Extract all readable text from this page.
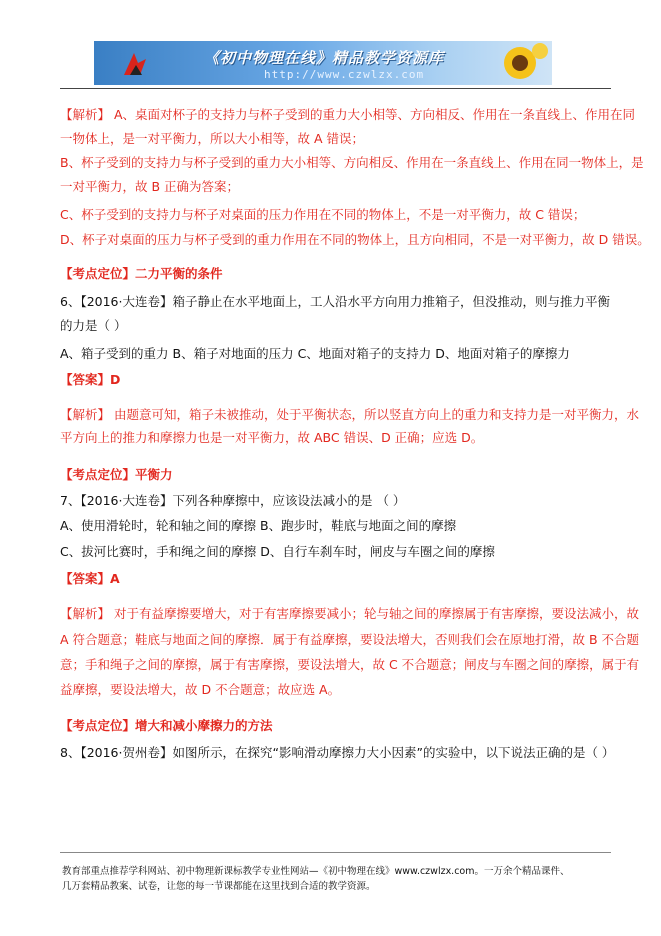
《初中物理在线》精品教学资源库
http://www.czwlzx.com
【解析】 A、桌面对杯子的支持力与杯子受到的重力大小相等、方向相反、作用在一条直线上、作用在同
一物体上，是一对平衡力，所以大小相等，故 A 错误；
B、杯子受到的支持力与杯子受到的重力大小相等、方向相反、作用在一条直线上、作用在同一物体上，是
一对平衡力，故 B 正确为答案；
C、杯子受到的支持力与杯子对桌面的压力作用在不同的物体上，不是一对平衡力，故 C 错误；
D、杯子对桌面的压力与杯子受到的重力作用在不同的物体上，且方向相同，不是一对平衡力，故 D 错误。
【考点定位】二力平衡的条件
6、【2016·大连卷】箱子静止在水平地面上，工人沿水平方向用力推箱子，但没推动，则与推力平衡
的力是（ ）
A、箱子受到的重力 B、箱子对地面的压力 C、地面对箱子的支持力 D、地面对箱子的摩擦力
【答案】D
【解析】 由题意可知，箱子未被推动，处于平衡状态，所以竖直方向上的重力和支持力是一对平衡力，水
平方向上的推力和摩擦力也是一对平衡力，故 ABC 错误、D 正确；应选 D。
【考点定位】平衡力
7、【2016·大连卷】下列各种摩擦中，应该设法减小的是 （ ）
A、使用滑轮时，轮和轴之间的摩擦 B、跑步时，鞋底与地面之间的摩擦
C、拔河比赛时，手和绳之间的摩擦 D、自行车刹车时，闸皮与车圈之间的摩擦
【答案】A
【解析】 对于有益摩擦要增大，对于有害摩擦要减小；轮与轴之间的摩擦属于有害摩擦，要设法减小，故
A 符合题意；鞋底与地面之间的摩擦．属于有益摩擦，要设法增大，否则我们会在原地打滑，故 B 不合题
意；手和绳子之间的摩擦，属于有害摩擦，要设法增大，故 C 不合题意；闸皮与车圈之间的摩擦，属于有
益摩擦，要设法增大，故 D 不合题意；故应选 A。
【考点定位】增大和减小摩擦力的方法
8、【2016·贺州卷】如图所示，在探究“影响滑动摩擦力大小因素”的实验中，以下说法正确的是（ ）
教育部重点推荐学科网站、初中物理新课标教学专业性网站—《初中物理在线》www.czwlzx.com。一万余个精品课件、
几万套精品教案、试卷，让您的每一节课都能在这里找到合适的教学资源。
